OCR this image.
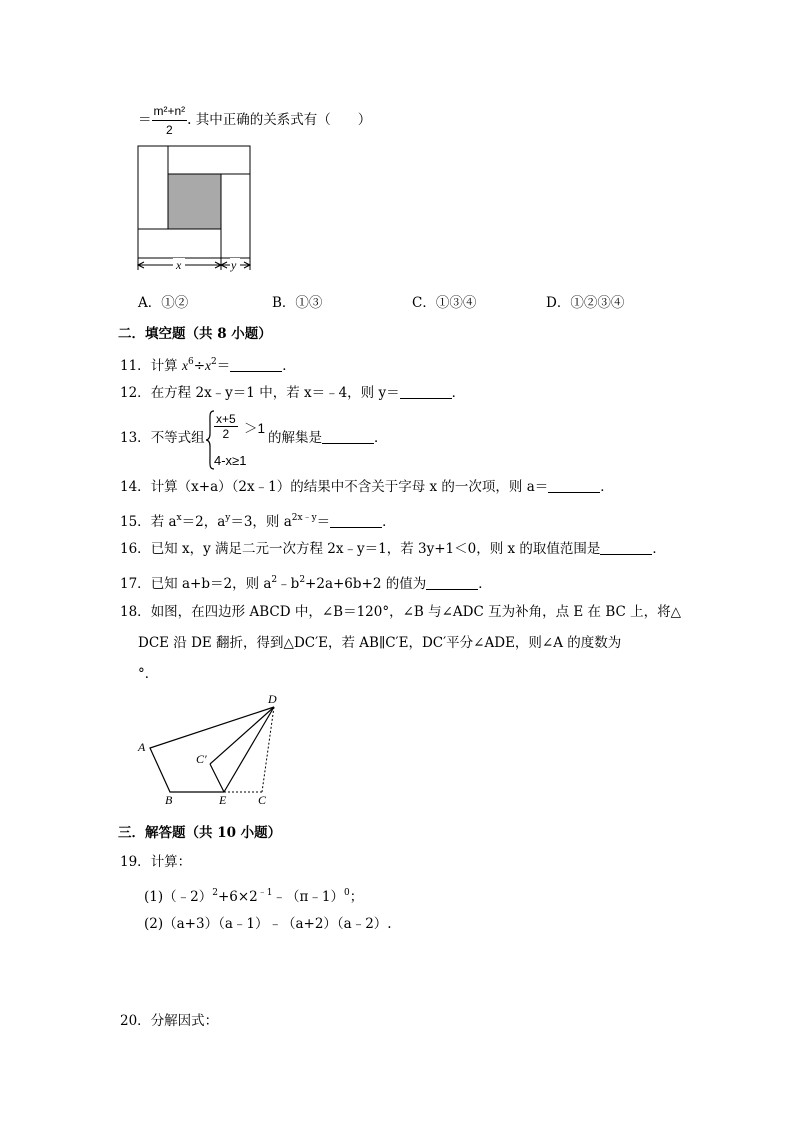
＝ $\frac{\text{m²+n²}}{2}$ . 其中正确的关系式有（　　）
x	y
A．①②	B．①③	C．①③④	D．①②③④
二．填空题（共 8 小题）
11．计算 $x^6\div x^2=$	．
12．在方程 2x﹣y＝1 中，若 x＝﹣4，则 y＝	．
13．不等式组 $\frac{x+5}{2} >1$
4-x≥1
的解集是	．
14．计算（x+a）（2x﹣1）的结果中不含关于字母 x 的一次项，则 a＝	．
15．若 $a^x=2$，$a^y=3$，则 $a^{2x﹣y}=$	．
16．已知 x，y 满足二元一次方程 2x﹣y＝1，若 3y+1＜0，则 x 的取值范围是	．
17．已知 a+b＝2，则 $a^2﹣b^2+2a+6b+2$ 的值为	．
18．如图，在四边形 ABCD 中，∠B＝120°，∠B 与∠ADC 互为补角，点 E 在 BC 上，将△
DCE 沿 DE 翻折，得到△DC′E，若 AB∥C′E，DC′平分∠ADE，则∠A 的度数为
°．
A
B	E	C
D
C′
三．解答题（共 10 小题）
19．计算：
$(1)(﹣2)^2+6\times 2^{﹣1}﹣(\pi﹣1)^0$；
(2)（a+3）（a﹣1）﹣（a+2）（a﹣2）.
20．分解因式：
